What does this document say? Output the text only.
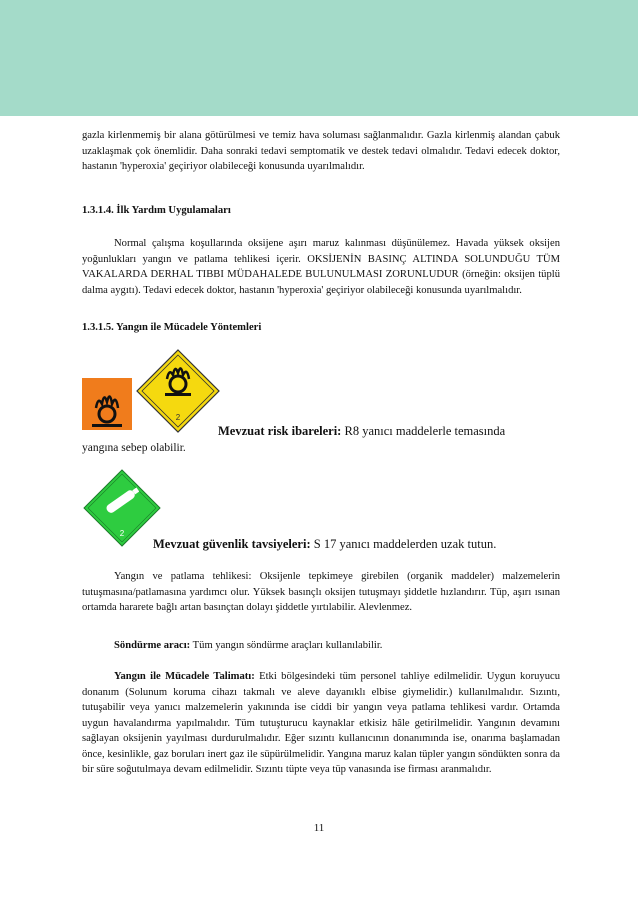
gazla kirlenmemiş bir alana götürülmesi ve temiz hava soluması sağlanmalıdır. Gazla kirlenmiş alandan çabuk uzaklaşmak çok önemlidir. Daha sonraki tedavi semptomatik ve destek tedavi olmalıdır. Tedavi edecek doktor, hastanın 'hyperoxia' geçiriyor olabileceği konusunda uyarılmalıdır.

1.3.1.4. İlk Yardım Uygulamaları

Normal çalışma koşullarında oksijene aşırı maruz kalınması düşünülemez. Havada yüksek oksijen yoğunlukları yangın ve patlama tehlikesi içerir. OKSİJENİN BASINÇ ALTINDA SOLUNDUĞU TÜM VAKALARDA DERHAL TIBBI MÜDAHALEDE BULUNULMASI ZORUNLUDUR (örneğin: oksijen tüplü dalma aygıtı). Tedavi edecek doktor, hastanın 'hyperoxia' geçiriyor olabileceği konusunda uyarılmalıdır.

1.3.1.5. Yangın ile Mücadele Yöntemleri

2
Mevzuat risk ibareleri: R8 yanıcı maddelerle temasında
yangına sebep olabilir.
2
Mevzuat güvenlik tavsiyeleri: S 17 yanıcı maddelerden uzak tutun.

Yangın ve patlama tehlikesi: Oksijenle tepkimeye girebilen (organik maddeler) malzemelerin tutuşmasına/patlamasına yardımcı olur. Yüksek basınçlı oksijen tutuşmayı şiddetle hızlandırır. Tüp, aşırı ısınan ortamda hararete bağlı artan basınçtan dolayı şiddetle yırtılabilir. Alevlenmez.

Söndürme aracı: Tüm yangın söndürme araçları kullanılabilir.

Yangın ile Mücadele Talimatı: Etki bölgesindeki tüm personel tahliye edilmelidir. Uygun koruyucu donanım (Solunum koruma cihazı takmalı ve aleve dayanıklı elbise giymelidir.) kullanılmalıdır. Sızıntı, tutuşabilir veya yanıcı malzemelerin yakınında ise ciddi bir yangın veya patlama tehlikesi vardır. Ortamda uygun havalandırma yapılmalıdır. Tüm tutuşturucu kaynaklar etkisiz hâle getirilmelidir. Yangının devamını sağlayan oksijenin yayılması durdurulmalıdır. Eğer sızıntı kullanıcının donanımında ise, onarıma başlamadan önce, kesinlikle, gaz boruları inert gaz ile süpürülmelidir. Yangına maruz kalan tüpler yangın söndükten sonra da bir süre soğutulmaya devam edilmelidir. Sızıntı tüpte veya tüp vanasında ise firması aranmalıdır.

11
